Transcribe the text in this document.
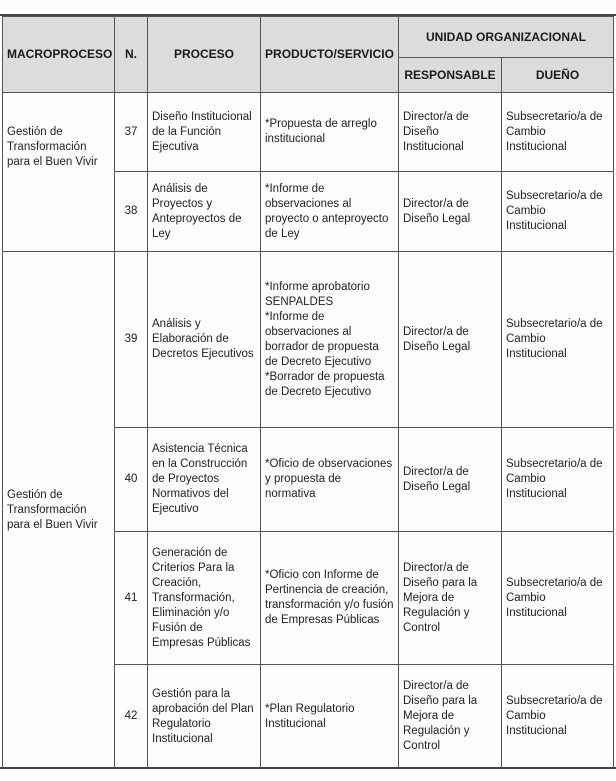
MACROPROCESO	N.	PROCESO	PRODUCTO/SERVICIO	UNIDAD ORGANIZACIONAL	
				RESPONSABLE	DUEÑO
Gestión de Transformación para el Buen Vivir	37	Diseño Institucional de la Función Ejecutiva	*Propuesta de arreglo institucional	Director/a de Diseño Institucional	Subsecretario/a de Cambio Institucional
	38	Análisis de Proyectos y Anteproyectos de Ley	*Informe de observaciones al proyecto o anteproyecto de Ley	Director/a de Diseño Legal	Subsecretario/a de Cambio Institucional
Gestión de Transformación para el Buen Vivir	39	Análisis y Elaboración de Decretos Ejecutivos	*Informe aprobatorio SENPALDES
*Informe de observaciones al borrador de propuesta de Decreto Ejecutivo
*Borrador de propuesta de Decreto Ejecutivo	Director/a de Diseño Legal	Subsecretario/a de Cambio Institucional
	40	Asistencia Técnica en la Construcción de Proyectos Normativos del Ejecutivo	*Oficio de observaciones y propuesta de normativa	Director/a de Diseño Legal	Subsecretario/a de Cambio Institucional
	41	Generación de Criterios Para la Creación, Transformación, Eliminación y/o Fusión de Empresas Públicas	*Oficio con Informe de Pertinencia de creación, transformación y/o fusión de Empresas Públicas	Director/a de Diseño para la Mejora de Regulación y Control	Subsecretario/a de Cambio Institucional
	42	Gestión para la aprobación del Plan Regulatorio Institucional	*Plan Regulatorio Institucional	Director/a de Diseño para la Mejora de Regulación y Control	Subsecretario/a de Cambio Institucional
